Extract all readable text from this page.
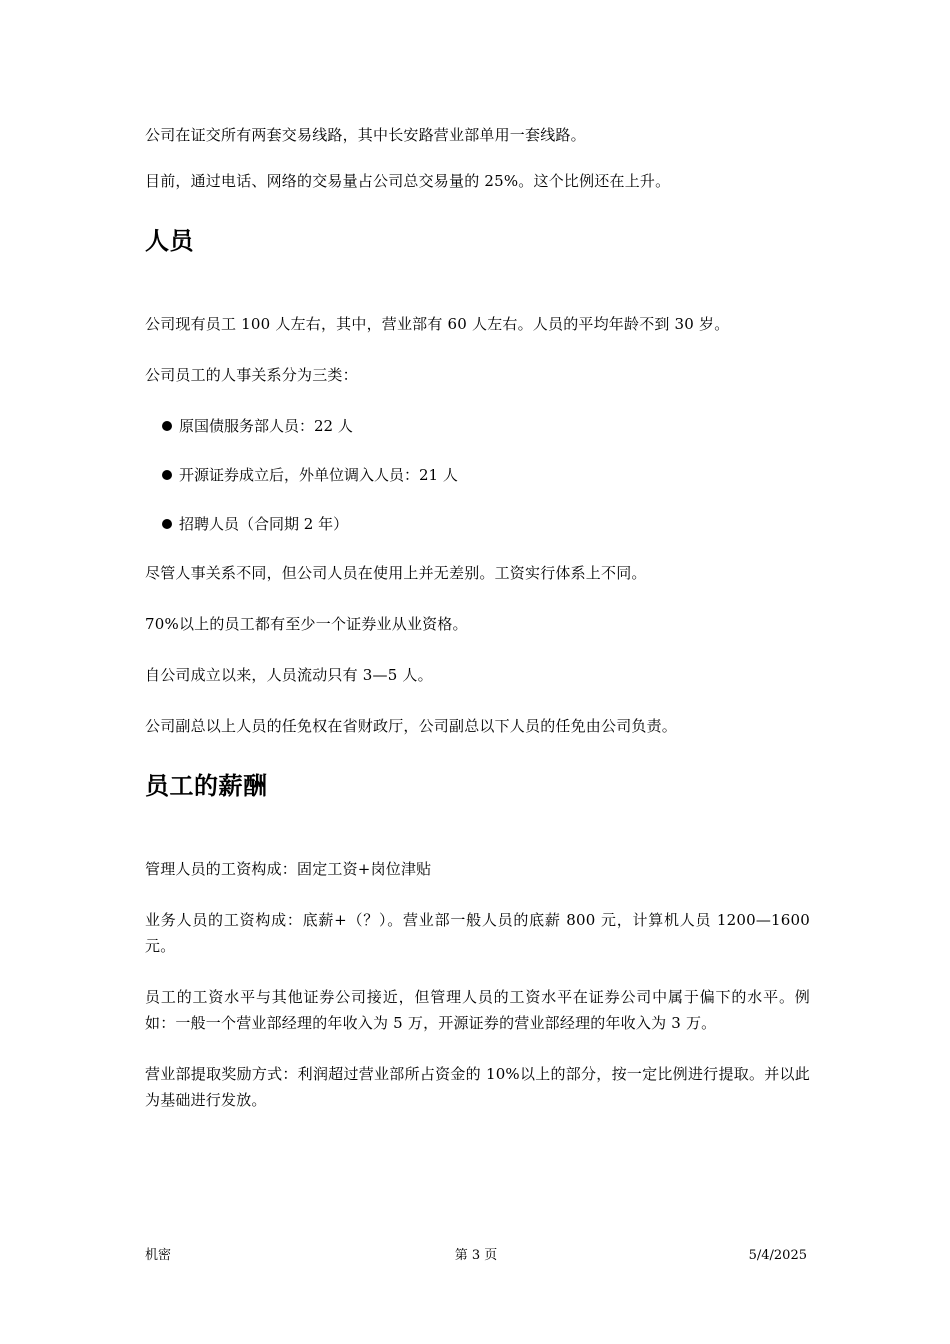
公司在证交所有两套交易线路，其中长安路营业部单用一套线路。

目前，通过电话、网络的交易量占公司总交易量的 25%。这个比例还在上升。

人员

公司现有员工 100 人左右，其中，营业部有 60 人左右。人员的平均年龄不到 30 岁。

公司员工的人事关系分为三类：

原国债服务部人员：22 人
开源证券成立后，外单位调入人员：21 人
招聘人员（合同期 2 年）

尽管人事关系不同，但公司人员在使用上并无差别。工资实行体系上不同。

70%以上的员工都有至少一个证券业从业资格。

自公司成立以来，人员流动只有 3—5 人。

公司副总以上人员的任免权在省财政厅，公司副总以下人员的任免由公司负责。

员工的薪酬

管理人员的工资构成：固定工资+岗位津贴

业务人员的工资构成：底薪+（？）。营业部一般人员的底薪 800 元，计算机人员 1200—1600 元。

员工的工资水平与其他证券公司接近，但管理人员的工资水平在证券公司中属于偏下的水平。例如：一般一个营业部经理的年收入为 5 万，开源证券的营业部经理的年收入为 3 万。

营业部提取奖励方式：利润超过营业部所占资金的 10%以上的部分，按一定比例进行提取。并以此为基础进行发放。

机密	第 3 页	5/4/2025
